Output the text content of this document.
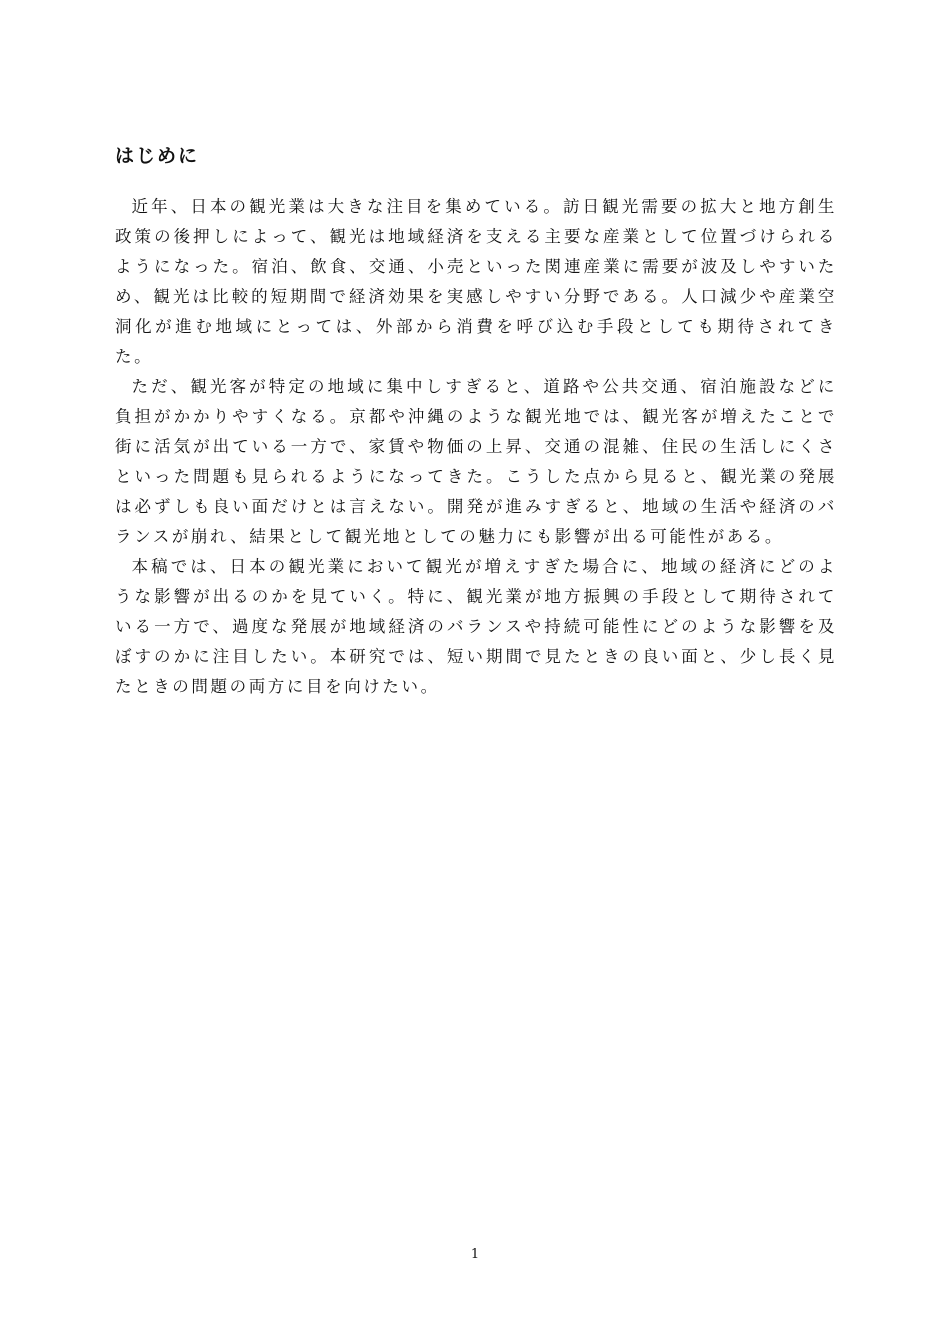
はじめに

近年、日本の観光業は大きな注目を集めている。訪日観光需要の拡大と地方創生政策の後押しによって、観光は地域経済を支える主要な産業として位置づけられるようになった。宿泊、飲食、交通、小売といった関連産業に需要が波及しやすいため、観光は比較的短期間で経済効果を実感しやすい分野である。人口減少や産業空洞化が進む地域にとっては、外部から消費を呼び込む手段としても期待されてきた。

ただ、観光客が特定の地域に集中しすぎると、道路や公共交通、宿泊施設などに負担がかかりやすくなる。京都や沖縄のような観光地では、観光客が増えたことで街に活気が出ている一方で、家賃や物価の上昇、交通の混雑、住民の生活しにくさといった問題も見られるようになってきた。こうした点から見ると、観光業の発展は必ずしも良い面だけとは言えない。開発が進みすぎると、地域の生活や経済のバランスが崩れ、結果として観光地としての魅力にも影響が出る可能性がある。

本稿では、日本の観光業において観光が増えすぎた場合に、地域の経済にどのような影響が出るのかを見ていく。特に、観光業が地方振興の手段として期待されている一方で、過度な発展が地域経済のバランスや持続可能性にどのような影響を及ぼすのかに注目したい。本研究では、短い期間で見たときの良い面と、少し長く見たときの問題の両方に目を向けたい。

1
